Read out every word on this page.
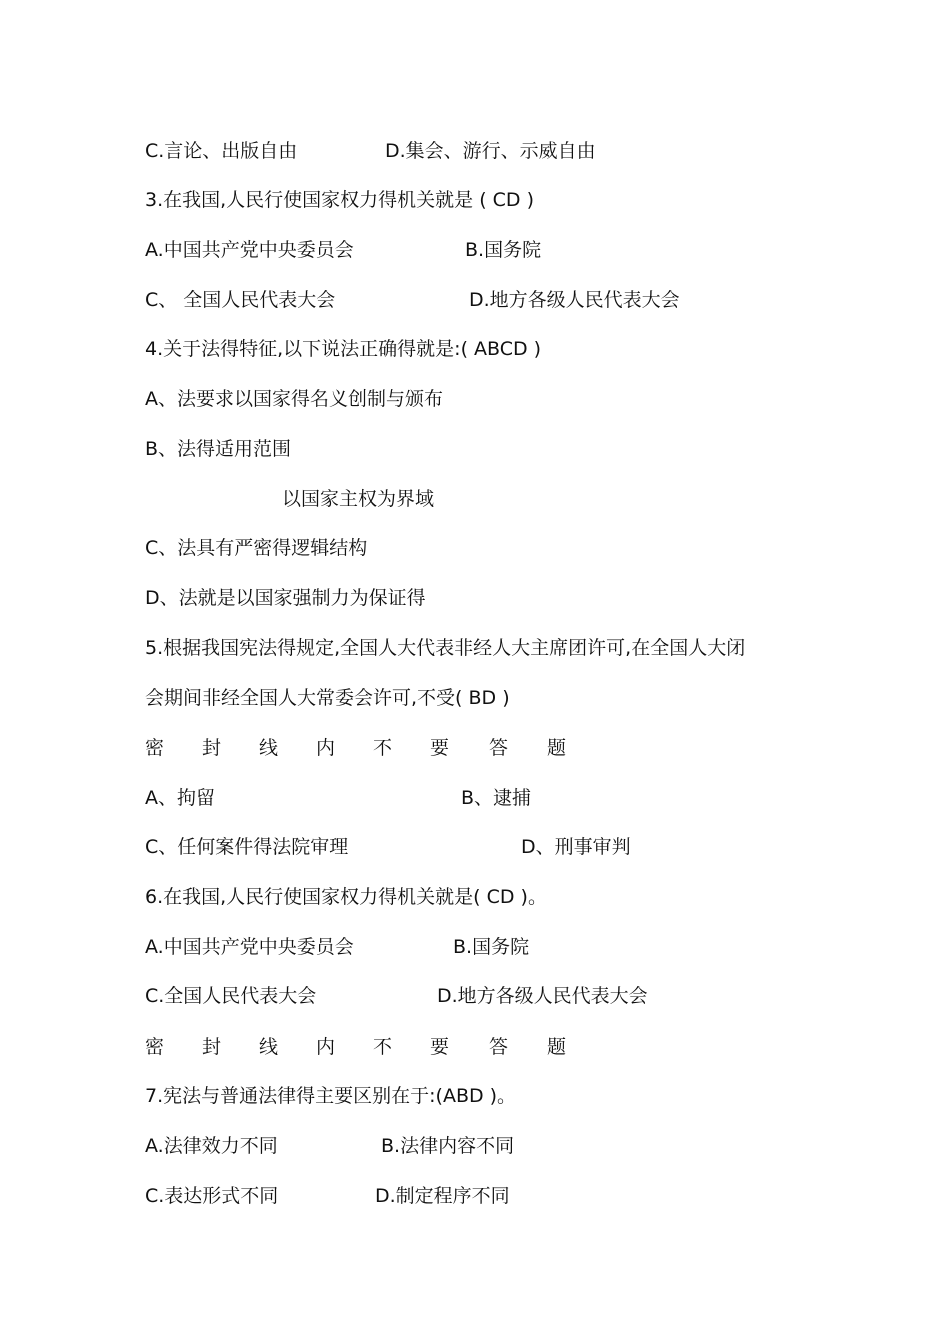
C.言论、出版自由	D.集会、游行、示威自由
3.在我国,人民行使国家权力得机关就是 ( CD )
A.中国共产党中央委员会	B.国务院
C、 全国人民代表大会	D.地方各级人民代表大会
4.关于法得特征,以下说法正确得就是:( ABCD )
A、法要求以国家得名义创制与颁布
B、法得适用范围
以国家主权为界域
C、法具有严密得逻辑结构
D、法就是以国家强制力为保证得
5.根据我国宪法得规定,全国人大代表非经人大主席团许可,在全国人大闭
会期间非经全国人大常委会许可,不受( BD )
密 封 线 内 不 要 答 题
A、拘留	B、逮捕
C、任何案件得法院审理	D、刑事审判
6.在我国,人民行使国家权力得机关就是( CD )。
A.中国共产党中央委员会	B.国务院
C.全国人民代表大会	D.地方各级人民代表大会
密 封 线 内 不 要 答 题
7.宪法与普通法律得主要区别在于:(ABD )。
A.法律效力不同	B.法律内容不同
C.表达形式不同	D.制定程序不同
